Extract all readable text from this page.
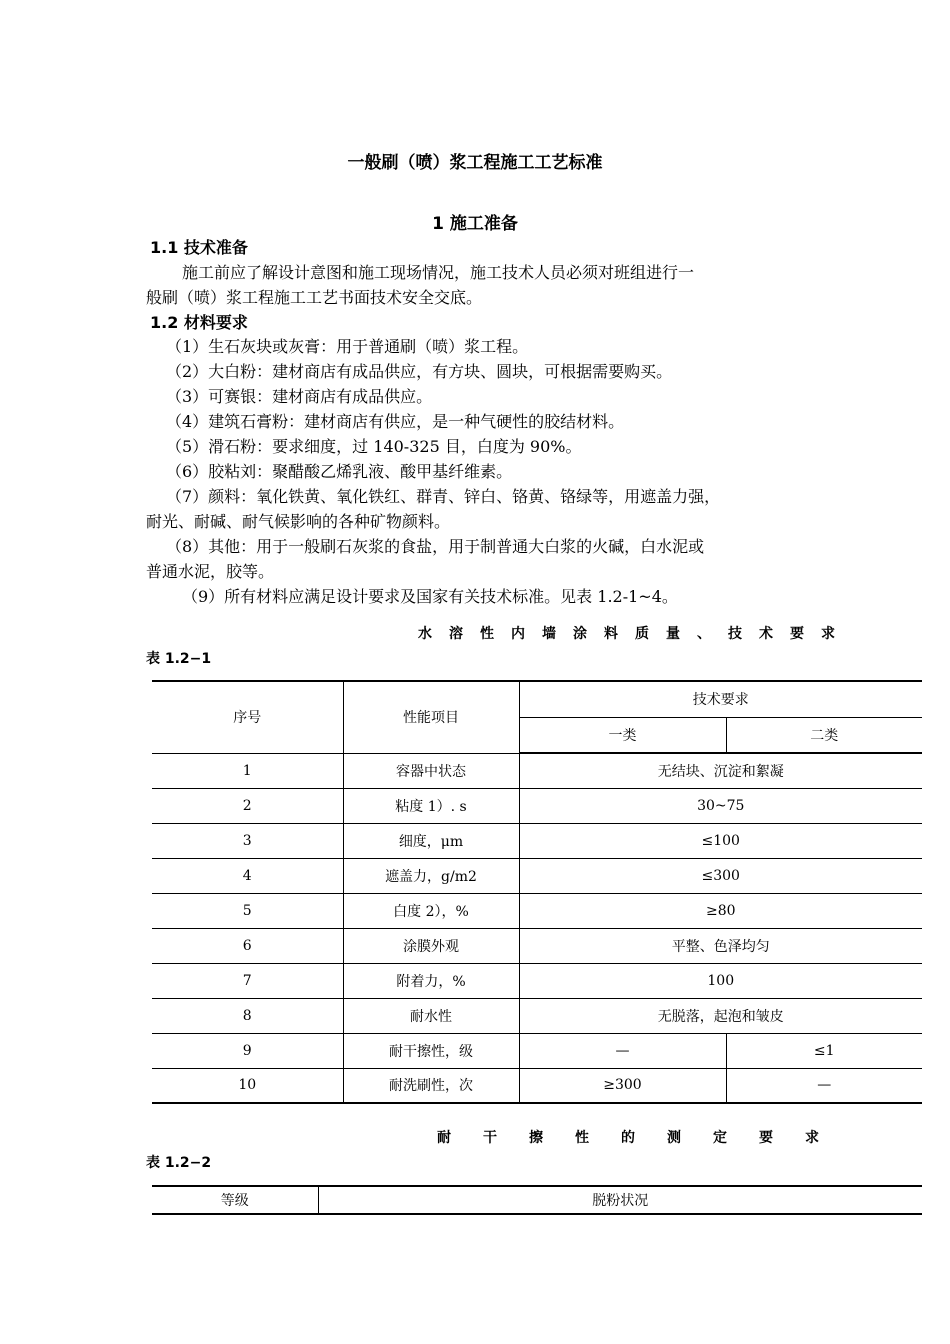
一般刷（喷）浆工程施工工艺标准
1 施工准备
1.1 技术准备
施工前应了解设计意图和施工现场情况，施工技术人员必须对班组进行一
般刷（喷）浆工程施工工艺书面技术安全交底。
1.2 材料要求
（1）生石灰块或灰膏：用于普通刷（喷）浆工程。
（2）大白粉：建材商店有成品供应，有方块、圆块，可根据需要购买。
（3）可赛银：建材商店有成品供应。
（4）建筑石膏粉：建材商店有供应，是一种气硬性的胶结材料。
（5）滑石粉：要求细度，过 140-325 目，白度为 90%。
（6）胶粘刘：聚醋酸乙烯乳液、酸甲基纤维素。
（7）颜料：氧化铁黄、氧化铁红、群青、锌白、铬黄、铬绿等，用遮盖力强，
耐光、耐碱、耐气候影响的各种矿物颜料。
（8）其他：用于一般刷石灰浆的食盐，用于制普通大白浆的火碱，白水泥或
普通水泥，胶等。
（9）所有材料应满足设计要求及国家有关技术标准。见表 1.2-1~4。
水溶性内墙涂料质量、技术要求
表 1.2−1
序号	性能项目	技术要求	
		一类	二类
1	容器中状态	无结块、沉淀和絮凝	
2	粘度 1）. s	30~75	
3	细度，μm	≤100	
4	遮盖力，g/m2	≤300	
5	白度 2），%	≥80	
6	涂膜外观	平整、色泽均匀	
7	附着力，%	100	
8	耐水性	无脱落，起泡和皱皮	
9	耐干擦性，级	—	≤1
10	耐洗刷性，次	≥300	—
耐干擦性的测定要求
表 1.2−2
等级	脱粉状况
